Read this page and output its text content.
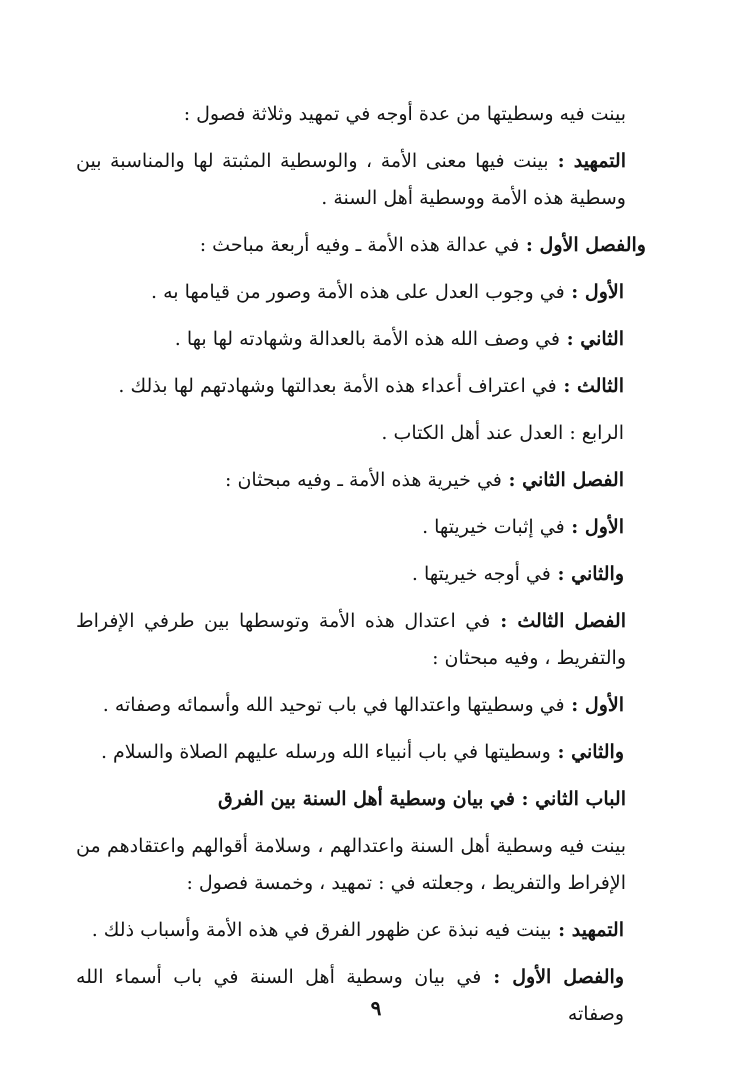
بينت فيه وسطيتها من عدة أوجه في تمهيد وثلاثة فصول :

التمهيد : بينت فيها معنى الأمة ، والوسطية المثبتة لها والمناسبة بين وسطية هذه الأمة ووسطية أهل السنة .

والفصل الأول : في عدالة هذه الأمة ـ وفيه أربعة مباحث :

الأول : في وجوب العدل على هذه الأمة وصور من قيامها به .

الثاني : في وصف الله هذه الأمة بالعدالة وشهادته لها بها .

الثالث : في اعتراف أعداء هذه الأمة بعدالتها وشهادتهم لها بذلك .

الرابع : العدل عند أهل الكتاب .

الفصل الثاني : في خيرية هذه الأمة ـ وفيه مبحثان :

الأول : في إثبات خيريتها .

والثاني : في أوجه خيريتها .

الفصل الثالث : في اعتدال هذه الأمة وتوسطها بين طرفي الإفراط والتفريط ، وفيه مبحثان :

الأول : في وسطيتها واعتدالها في باب توحيد الله وأسمائه وصفاته .

والثاني : وسطيتها في باب أنبياء الله ورسله عليهم الصلاة والسلام .

الباب الثاني : في بيان وسطية أهل السنة بين الفرق

بينت فيه وسطية أهل السنة واعتدالهم ، وسلامة أقوالهم واعتقادهم من الإفراط والتفريط ، وجعلته في : تمهيد ، وخمسة فصول :

التمهيد : بينت فيه نبذة عن ظهور الفرق في هذه الأمة وأسباب ذلك .

والفصل الأول : في بيان وسطية أهل السنة في باب أسماء الله وصفاته

٩
